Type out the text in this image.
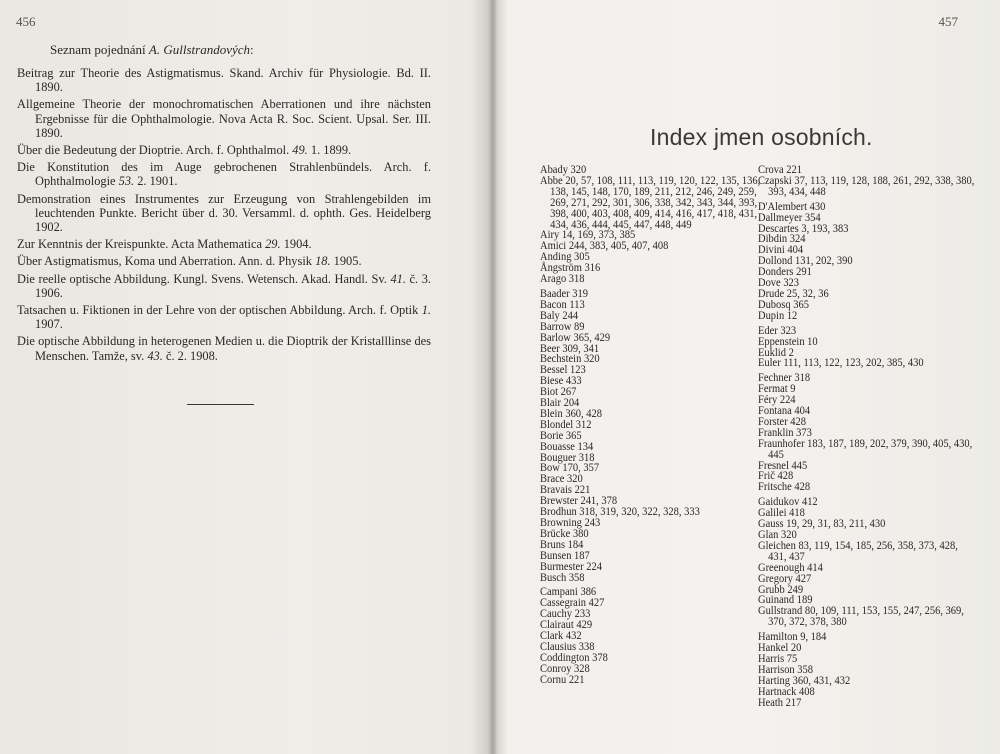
456
Seznam pojednání A. Gullstrandových:
Beitrag zur Theorie des Astigmatismus. Skand. Archiv für Physiologie. Bd. II. 1890.
Allgemeine Theorie der monochromatischen Aberrationen und ihre nächsten Ergebnisse für die Ophthalmologie. Nova Acta R. Soc. Scient. Upsal. Ser. III. 1890.
Über die Bedeutung der Dioptrie. Arch. f. Ophthalmol. 49. 1. 1899.
Die Konstitution des im Auge gebrochenen Strahlenbündels. Arch. f. Ophthalmologie 53. 2. 1901.
Demonstration eines Instrumentes zur Erzeugung von Strahlengebilden im leuchtenden Punkte. Bericht über d. 30. Versamml. d. ophth. Ges. Heidelberg 1902.
Zur Kenntnis der Kreispunkte. Acta Mathematica 29. 1904.
Über Astigmatismus, Koma und Aberration. Ann. d. Physik 18. 1905.
Die reelle optische Abbildung. Kungl. Svens. Wetensch. Akad. Handl. Sv. 41. č. 3. 1906.
Tatsachen u. Fiktionen in der Lehre von der optischen Abbildung. Arch. f. Optik 1. 1907.
Die optische Abbildung in heterogenen Medien u. die Dioptrik der Kristalllinse des Menschen. Tamže, sv. 43. č. 2. 1908.
457
Index jmen osobních.
Abady 320
Abbe 20, 57, 108, 111, 113, 119, 120, 122, 135, 136, 138, 145, 148, 170, 189, 211, 212, 246, 249, 259, 269, 271, 292, 301, 306, 338, 342, 343, 344, 393, 398, 400, 403, 408, 409, 414, 416, 417, 418, 431, 434, 436, 444, 445, 447, 448, 449
Airy 14, 169, 373, 385
Amici 244, 383, 405, 407, 408
Anding 305
Ångström 316
Arago 318
Baader 319
Bacon 113
Baly 244
Barrow 89
Barlow 365, 429
Beer 309, 341
Bechstein 320
Bessel 123
Biese 433
Biot 267
Blair 204
Blein 360, 428
Blondel 312
Borie 365
Bouasse 134
Bouguer 318
Bow 170, 357
Brace 320
Bravais 221
Brewster 241, 378
Brodhun 318, 319, 320, 322, 328, 333
Browning 243
Brücke 380
Bruns 184
Bunsen 187
Burmester 224
Busch 358
Campani 386
Cassegrain 427
Cauchy 233
Clairaut 429
Clark 432
Clausius 338
Coddington 378
Conroy 328
Cornu 221
Crova 221
Czapski 37, 113, 119, 128, 188, 261, 292, 338, 380, 393, 434, 448
D'Alembert 430
Dallmeyer 354
Descartes 3, 193, 383
Dibdin 324
Divini 404
Dollond 131, 202, 390
Donders 291
Dove 323
Drude 25, 32, 36
Dubosq 365
Dupin 12
Eder 323
Eppenstein 10
Euklid 2
Euler 111, 113, 122, 123, 202, 385, 430
Fechner 318
Fermat 9
Féry 224
Fontana 404
Forster 428
Franklin 373
Fraunhofer 183, 187, 189, 202, 379, 390, 405, 430, 445
Fresnel 445
Frič 428
Fritsche 428
Gaidukov 412
Galilei 418
Gauss 19, 29, 31, 83, 211, 430
Glan 320
Gleichen 83, 119, 154, 185, 256, 358, 373, 428, 431, 437
Greenough 414
Gregory 427
Grubb 249
Guinand 189
Gullstrand 80, 109, 111, 153, 155, 247, 256, 369, 370, 372, 378, 380
Hamilton 9, 184
Hankel 20
Harris 75
Harrison 358
Harting 360, 431, 432
Hartnack 408
Heath 217
